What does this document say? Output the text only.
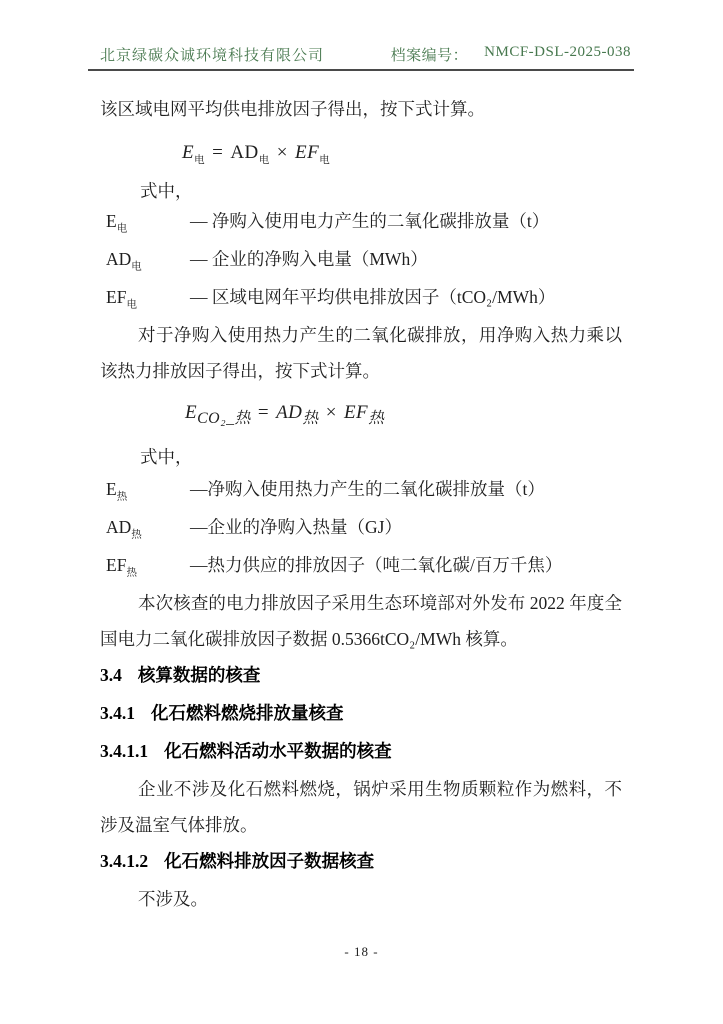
北京绿碳众诚环境科技有限公司	档案编号： NMCF-DSL-2025-038
该区域电网平均供电排放因子得出，按下式计算。
$E_电 = AD_电 \times EF_电$
式中，
$E_电$	— 净购入使用电力产生的二氧化碳排放量（t）
$AD_电$	— 企业的净购入电量（MWh）
$EF_电$	— 区域电网年平均供电排放因子（tCO₂/MWh）
对于净购入使用热力产生的二氧化碳排放，用净购入热力乘以
该热力排放因子得出，按下式计算。
$E_{CO_2\_热} = AD_热 \times EF_热$
式中，
$E_热$	—净购入使用热力产生的二氧化碳排放量（t）
$AD_热$	—企业的净购入热量（GJ）
$EF_热$	—热力供应的排放因子（吨二氧化碳/百万千焦）
本次核查的电力排放因子采用生态环境部对外发布 2022 年度全
国电力二氧化碳排放因子数据 0.5366tCO₂/MWh 核算。
3.4 核算数据的核查
3.4.1 化石燃料燃烧排放量核查
3.4.1.1 化石燃料活动水平数据的核查
企业不涉及化石燃料燃烧，锅炉采用生物质颗粒作为燃料，不
涉及温室气体排放。
3.4.1.2 化石燃料排放因子数据核查
不涉及。
- 18 -
